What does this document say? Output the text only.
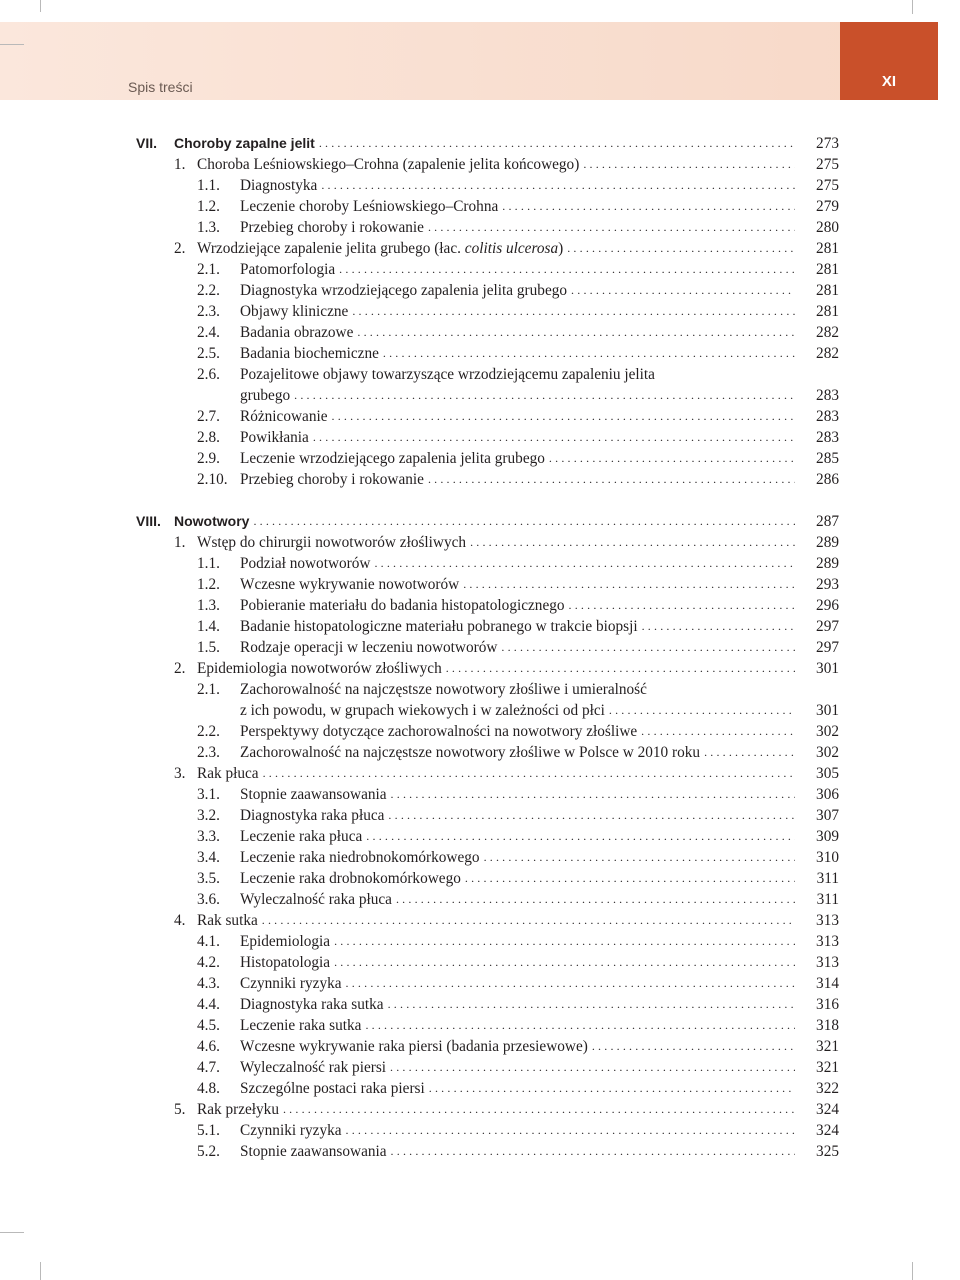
Spis treści	XI
VII. Choroby zapalne jelit .....	273
1. Choroba Leśniowskiego–Crohna (zapalenie jelita końcowego) .....	275
1.1. Diagnostyka .....	275
1.2. Leczenie choroby Leśniowskiego–Crohna .....	279
1.3. Przebieg choroby i rokowanie .....	280
2. Wrzodziejące zapalenie jelita grubego (łac. colitis ulcerosa) .....	281
2.1. Patomorfologia .....	281
2.2. Diagnostyka wrzodziejącego zapalenia jelita grubego .....	281
2.3. Objawy kliniczne .....	281
2.4. Badania obrazowe .....	282
2.5. Badania biochemiczne .....	282
2.6. Pozajelitowe objawy towarzyszące wrzodziejącemu zapaleniu jelita
grubego .....	283
2.7. Różnicowanie .....	283
2.8. Powikłania .....	283
2.9. Leczenie wrzodziejącego zapalenia jelita grubego .....	285
2.10. Przebieg choroby i rokowanie .....	286
VIII. Nowotwory .....	287
1. Wstęp do chirurgii nowotworów złośliwych .....	289
1.1. Podział nowotworów .....	289
1.2. Wczesne wykrywanie nowotworów .....	293
1.3. Pobieranie materiału do badania histopatologicznego .....	296
1.4. Badanie histopatologiczne materiału pobranego w trakcie biopsji .....	297
1.5. Rodzaje operacji w leczeniu nowotworów .....	297
2. Epidemiologia nowotworów złośliwych .....	301
2.1. Zachorowalność na najczęstsze nowotwory złośliwe i umieralność
z ich powodu, w grupach wiekowych i w zależności od płci .....	301
2.2. Perspektywy dotyczące zachorowalności na nowotwory złośliwe .....	302
2.3. Zachorowalność na najczęstsze nowotwory złośliwe w Polsce w 2010 roku .....	302
3. Rak płuca .....	305
3.1. Stopnie zaawansowania .....	306
3.2. Diagnostyka raka płuca .....	307
3.3. Leczenie raka płuca .....	309
3.4. Leczenie raka niedrobnokomórkowego .....	310
3.5. Leczenie raka drobnokomórkowego .....	311
3.6. Wyleczalność raka płuca .....	311
4. Rak sutka .....	313
4.1. Epidemiologia .....	313
4.2. Histopatologia .....	313
4.3. Czynniki ryzyka .....	314
4.4. Diagnostyka raka sutka .....	316
4.5. Leczenie raka sutka .....	318
4.6. Wczesne wykrywanie raka piersi (badania przesiewowe) .....	321
4.7. Wyleczalność rak piersi .....	321
4.8. Szczególne postaci raka piersi .....	322
5. Rak przełyku .....	324
5.1. Czynniki ryzyka .....	324
5.2. Stopnie zaawansowania .....	325
